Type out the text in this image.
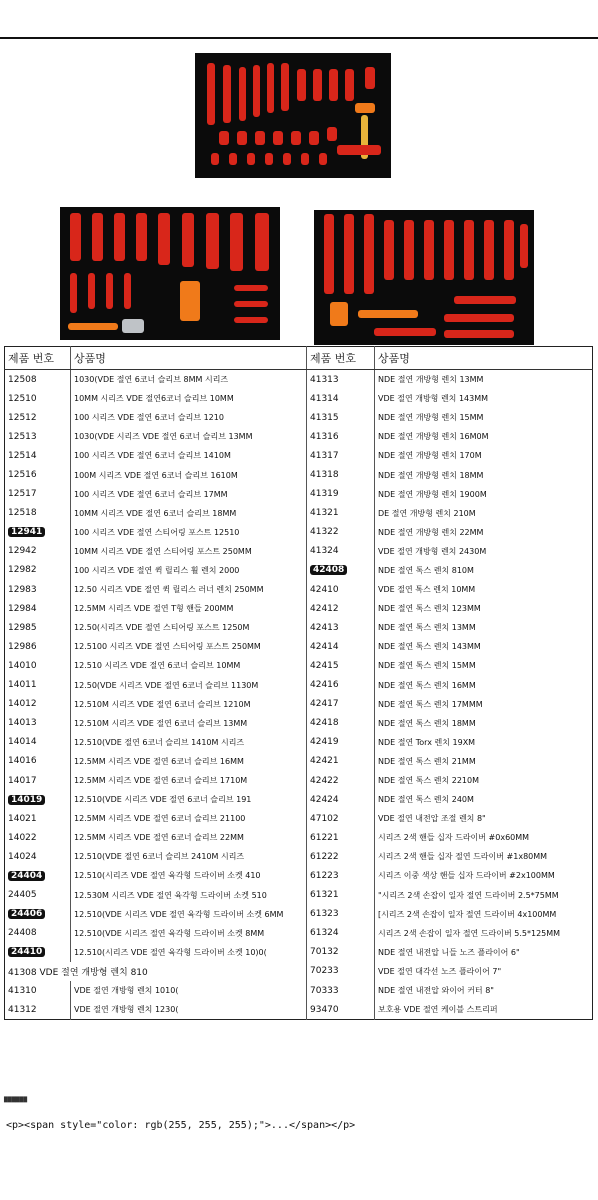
제품 번호	상품명	제품 번호	상품명
12508	1030(VDE 절연 6코너 슬리브 8MM 시리즈	41313	NDE 절연 개방형 렌치 13MM
12510	10MM 시리즈 VDE 절연6코너 슬리브 10MM	41314	VDE 절연 개방형 렌치 143MM
12512	100 시리즈 VDE 절연 6코너 슬리브 1210	41315	NDE 절연 개방형 렌치 15MM
12513	1030(VDE 시리즈 VDE 절연 6코너 슬리브 13MM	41316	NDE 절연 개방형 렌치 16M0M
12514	100 시리즈 VDE 절연 6코너 슬리브 1410M	41317	NDE 절연 개방형 렌치 170M
12516	100M 시리즈 VDE 절연 6코너 슬리브 1610M	41318	NDE 절연 개방형 렌치 18MM
12517	100 시리즈 VDE 절연 6코너 슬리브 17MM	41319	NDE 절연 개방형 렌치 1900M
12518	10MM 시리즈 VDE 절연 6코너 슬리브 18MM	41321	DE 절연 개방형 렌치 210M
12941	100 시리즈 VDE 절연 스티어링 포스트 12510	41322	NDE 절연 개방형 렌치 22MM
12942	10MM 시리즈 VDE 절연 스티어링 포스트 250MM	41324	VDE 절연 개방형 렌치 2430M
12982	100 시리즈 VDE 절연 퀵 릴리스 휠 렌치 2000	42408	NDE 절연 톡스 렌치 810M
12983	12.50 시리즈 VDE 절연 퀵 릴리스 러너 렌치 250MM	42410	VDE 절연 톡스 렌치 10MM
12984	12.5MM 시리즈 VDE 절연 T형 핸들 200MM	42412	NDE 절연 톡스 렌치 123MM
12985	12.50(시리즈 VDE 절연 스티어링 포스트 1250M	42413	NDE 절연 톡스 렌치 13MM
12986	12.5100 시리즈 VDE 절연 스티어링 포스트 250MM	42414	NDE 절연 톡스 렌치 143MM
14010	12.510 시리즈 VDE 절연 6코너 슬리브 10MM	42415	NDE 절연 톡스 렌치 15MM
14011	12.50(VDE 시리즈 VDE 절연 6코너 슬리브 1130M	42416	NDE 절연 톡스 렌치 16MM
14012	12.510M 시리즈 VDE 절연 6코너 슬리브 1210M	42417	NDE 절연 톡스 렌치 17MMM
14013	12.510M 시리즈 VDE 절연 6코너 슬리브 13MM	42418	NDE 절연 톡스 렌치 18MM
14014	12.510(VDE 절연 6코너 슬리브 1410M 시리즈	42419	NDE 절연 Torx 렌치 19XM
14016	12.5MM 시리즈 VDE 절연 6코너 슬리브 16MM	42421	NDE 절연 톡스 렌치 21MM
14017	12.5MM 시리즈 VDE 절연 6코너 슬리브 1710M	42422	NDE 절연 톡스 렌치 2210M
14019	12.510(VDE 시리즈 VDE 절연 6코너 슬리브 191	42424	NDE 절연 톡스 렌치 240M
14021	12.5MM 시리즈 VDE 절연 6코너 슬리브 21100	47102	VDE 절연 내전압 조절 렌치 8"
14022	12.5MM 시리즈 VDE 절연 6코너 슬리브 22MM	61221	시리즈 2색 핸들 십자 드라이버 #0x60MM
14024	12.510(VDE 절연 6코너 슬리브 2410M 시리즈	61222	시리즈 2색 핸들 십자 절연 드라이버 #1x80MM
24404	12.510(시리즈 VDE 절연 육각형 드라이버 소켓 410	61223	시리즈 이중 색상 핸들 십자 드라이버 #2x100MM
24405	12.530M 시리즈 VDE 절연 육각형 드라이버 소켓 510	61321	"시리즈 2색 손잡이 일자 절연 드라이버 2.5*75MM
24406	12.510(VDE 시리즈 VDE 절연 육각형 드라이버 소켓 6MM	61323	[시리즈 2색 손잡이 일자 절연 드라이버 4x100MM
24408	12.510(VDE 시리즈 절연 육각형 드라이버 소켓 8MM	61324	시리즈 2색 손잡이 일자 절연 드라이버 5.5*125MM
24410	12.510(시리즈 VDE 절연 육각형 드라이버 소켓 10)0(	70132	NDE 절연 내전압 니들 노즈 플라이어 6"
41308 VDE 절연 개방형 렌치 810		70233	VDE 절연 대각선 노즈 플라이어 7"
41310	VDE 절연 개방형 렌치 1010(	70333	NDE 절연 내전압 와이어 커터 8"
41312	VDE 절연 개방형 렌치 1230(	93470	보호용 VDE 절연 케이블 스트리퍼
██████
<p><span style="color: rgb(255, 255, 255);">...</span></p>
